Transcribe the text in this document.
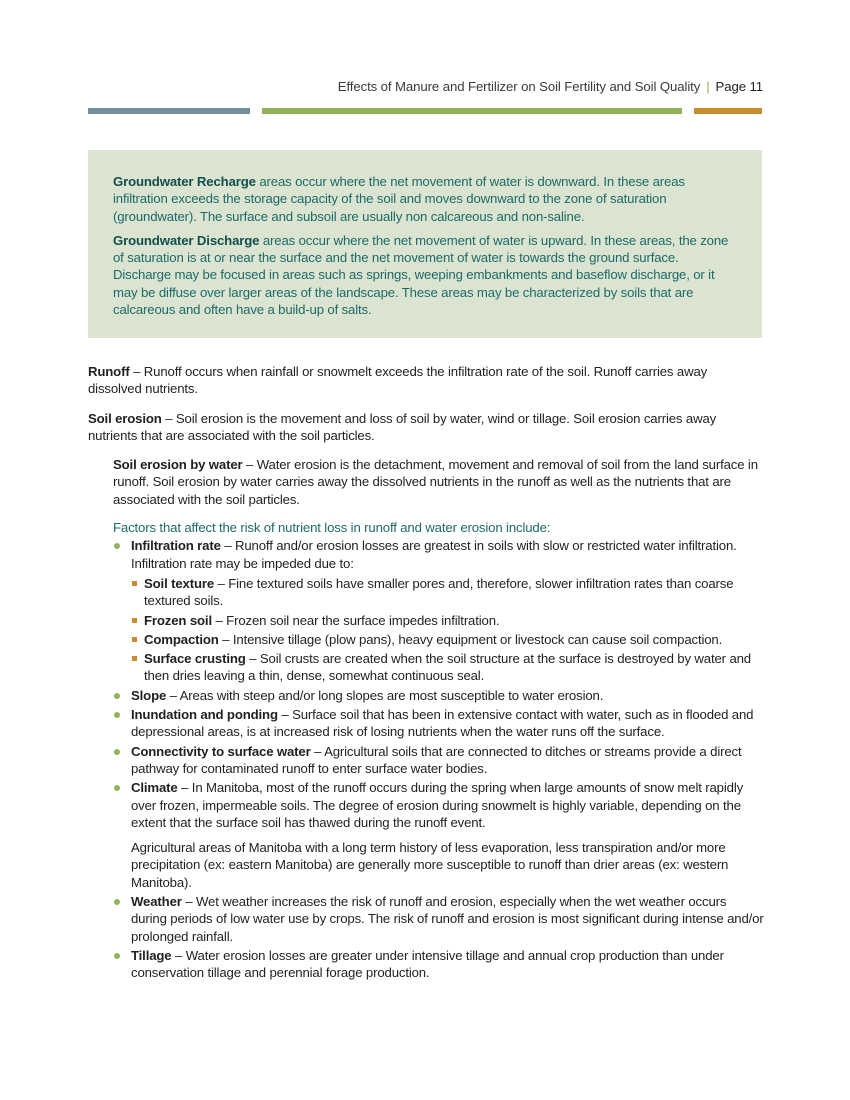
Effects of Manure and Fertilizer on Soil Fertility and Soil Quality | Page 11

Groundwater Recharge areas occur where the net movement of water is downward. In these areas infiltration exceeds the storage capacity of the soil and moves downward to the zone of saturation (groundwater). The surface and subsoil are usually non calcareous and non-saline.

Groundwater Discharge areas occur where the net movement of water is upward. In these areas, the zone of saturation is at or near the surface and the net movement of water is towards the ground surface. Discharge may be focused in areas such as springs, weeping embankments and baseflow discharge, or it may be diffuse over larger areas of the landscape. These areas may be characterized by soils that are calcareous and often have a build-up of salts.

Runoff – Runoff occurs when rainfall or snowmelt exceeds the infiltration rate of the soil. Runoff carries away dissolved nutrients.

Soil erosion – Soil erosion is the movement and loss of soil by water, wind or tillage. Soil erosion carries away nutrients that are associated with the soil particles.

Soil erosion by water – Water erosion is the detachment, movement and removal of soil from the land surface in runoff. Soil erosion by water carries away the dissolved nutrients in the runoff as well as the nutrients that are associated with the soil particles.

Factors that affect the risk of nutrient loss in runoff and water erosion include:

Infiltration rate – Runoff and/or erosion losses are greatest in soils with slow or restricted water infiltration. Infiltration rate may be impeded due to:
Soil texture – Fine textured soils have smaller pores and, therefore, slower infiltration rates than coarse textured soils.
Frozen soil – Frozen soil near the surface impedes infiltration.
Compaction – Intensive tillage (plow pans), heavy equipment or livestock can cause soil compaction.
Surface crusting – Soil crusts are created when the soil structure at the surface is destroyed by water and then dries leaving a thin, dense, somewhat continuous seal.
Slope – Areas with steep and/or long slopes are most susceptible to water erosion.
Inundation and ponding – Surface soil that has been in extensive contact with water, such as in flooded and depressional areas, is at increased risk of losing nutrients when the water runs off the surface.
Connectivity to surface water – Agricultural soils that are connected to ditches or streams provide a direct pathway for contaminated runoff to enter surface water bodies.
Climate – In Manitoba, most of the runoff occurs during the spring when large amounts of snow melt rapidly over frozen, impermeable soils. The degree of erosion during snowmelt is highly variable, depending on the extent that the surface soil has thawed during the runoff event.

Agricultural areas of Manitoba with a long term history of less evaporation, less transpiration and/or more precipitation (ex: eastern Manitoba) are generally more susceptible to runoff than drier areas (ex: western Manitoba).

Weather – Wet weather increases the risk of runoff and erosion, especially when the wet weather occurs during periods of low water use by crops. The risk of runoff and erosion is most significant during intense and/or prolonged rainfall.
Tillage – Water erosion losses are greater under intensive tillage and annual crop production than under conservation tillage and perennial forage production.
